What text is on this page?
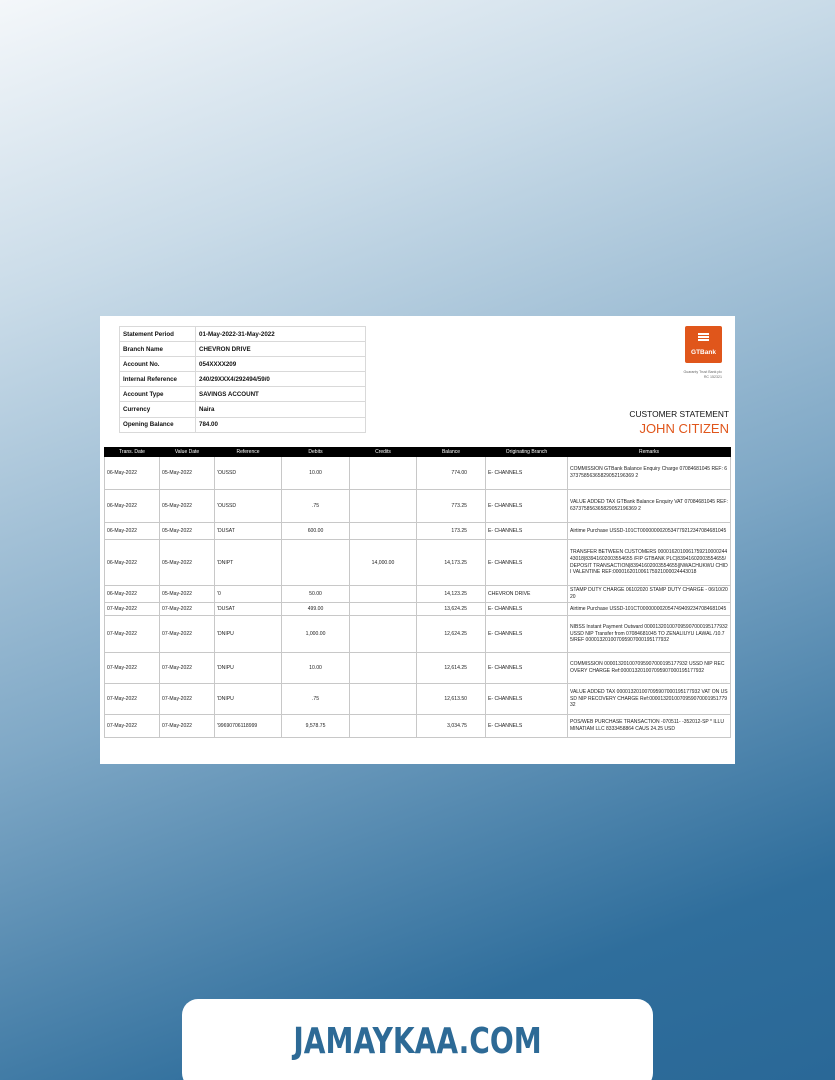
Statement Period	01-May-2022-31-May-2022
Branch Name	CHEVRON DRIVE
Account No.	054XXXX209
Internal Reference	240/29XXX4/292494/59/0
Account Type	SAVINGS ACCOUNT
Currency	Naira
Opening Balance	784.00
GTBank
Guaranty Trust Bank plc
RC 152321
CUSTOMER STATEMENT
JOHN CITIZEN
Trans. Date	Value Date	Reference	Debits	Credits	Balance	Originating Branch	Remarks
06-May-2022	05-May-2022	'OUSSD	10.00		774.00	E- CHANNELS	COMMISSION GTBank Balance Enquiry Charge 07084681045 REF: 637375856365829052196369 2
06-May-2022	05-May-2022	'OUSSD	.75		773.25	E- CHANNELS	VALUE ADDED TAX GTBank Balance Enquiry VAT 07084681045 REF: 637375856365829052196369 2
06-May-2022	05-May-2022	'DUSAT	600.00		173.25	E- CHANNELS	Airtime Purchase USSD-101CT0000000020534779212347084681045
06-May-2022	05-May-2022	'DNIPT		14,000.00	14,173.25	E- CHANNELS	TRANSFER BETWEEN CUSTOMERS 000016201006175921000024443018|83941602003554655 /FIP GTBANK PLC|83941602003554655/DEPOSIT TRANSACTION|83941602003554655||NWACHUKWU CHIDI VALENTINE REF:000016201006175921000024443018
06-May-2022	05-May-2022	'0	50.00		14,123.25	CHEVRON DRIVE	STAMP DUTY CHARGE 06102020 STAMP DUTY CHARGE - 06/10/2020
07-May-2022	07-May-2022	'DUSAT	499.00		13,624.25	E- CHANNELS	Airtime Purchase USSD-101CT0000000020547494092347084681045
07-May-2022	07-May-2022	'DNIPU	1,000.00		12,624.25	E- CHANNELS	NIBSS Instant Payment Outward 000013201007095907000195177932 USSD NIP Transfer from 07084681045 TO ZENALIUYU LAWAL /10.75/REF 000013201007095907000195177932
07-May-2022	07-May-2022	'DNIPU	10.00		12,614.25	E- CHANNELS	COMMISSION 000013201007095907000195177932 USSD NIP RECOVERY CHARGE Ref:000013201007095907000195177932
07-May-2022	07-May-2022	'DNIPU	.75		12,613.50	E- CHANNELS	VALUE ADDED TAX 000013201007095907000195177932 VAT ON USSD NIP RECOVERY CHARGE Ref:000013201007095907000195177932
07-May-2022	07-May-2022	'99690706118999	9,578.75		3,034.75	E- CHANNELS	POS/WEB PURCHASE TRANSACTION -070511- -352012-SP * ILLUMINATIAM LLC 8333458864 CAUS 24.25 USD
JAMAYKAA.COM
